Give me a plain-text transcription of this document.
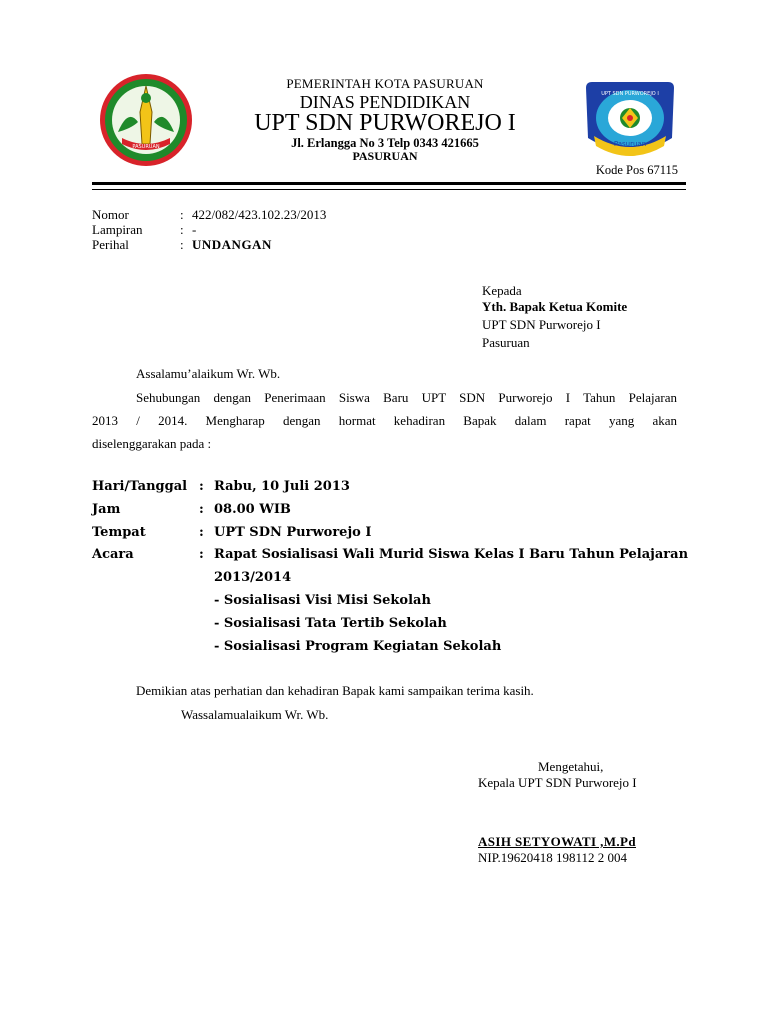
PASURUAN
PEMERINTAH KOTA PASURUAN
DINAS PENDIDIKAN
UPT SDN PURWOREJO I
Jl. Erlangga No 3 Telp 0343 421665
PASURUAN
UPT SDN PURWOREJO I
Pasuruan
Kode Pos 67115
Nomor	: 422/082/423.102.23/2013
Lampiran	: -
Perihal	: UNDANGAN
Kepada
Yth. Bapak Ketua Komite
UPT SDN Purworejo I
Pasuruan
Assalamu’alaikum Wr. Wb.
Sehubungan dengan Penerimaan Siswa Baru UPT SDN Purworejo I Tahun Pelajaran
2013 / 2014. Mengharap dengan hormat kehadiran Bapak dalam rapat yang akan
diselenggarakan pada :
Hari/Tanggal : Rabu, 10 Juli 2013
Jam	: 08.00 WIB
Tempat	: UPT SDN Purworejo I
Acara	: Rapat Sosialisasi Wali Murid Siswa Kelas I Baru Tahun Pelajaran
2013/2014
- Sosialisasi Visi Misi Sekolah
- Sosialisasi Tata Tertib Sekolah
- Sosialisasi Program Kegiatan Sekolah
Demikian atas perhatian dan kehadiran Bapak kami sampaikan terima kasih.
Wassalamualaikum Wr. Wb.
Mengetahui,
Kepala UPT SDN Purworejo I
ASIH SETYOWATI ,M.Pd
NIP.19620418 198112 2 004
